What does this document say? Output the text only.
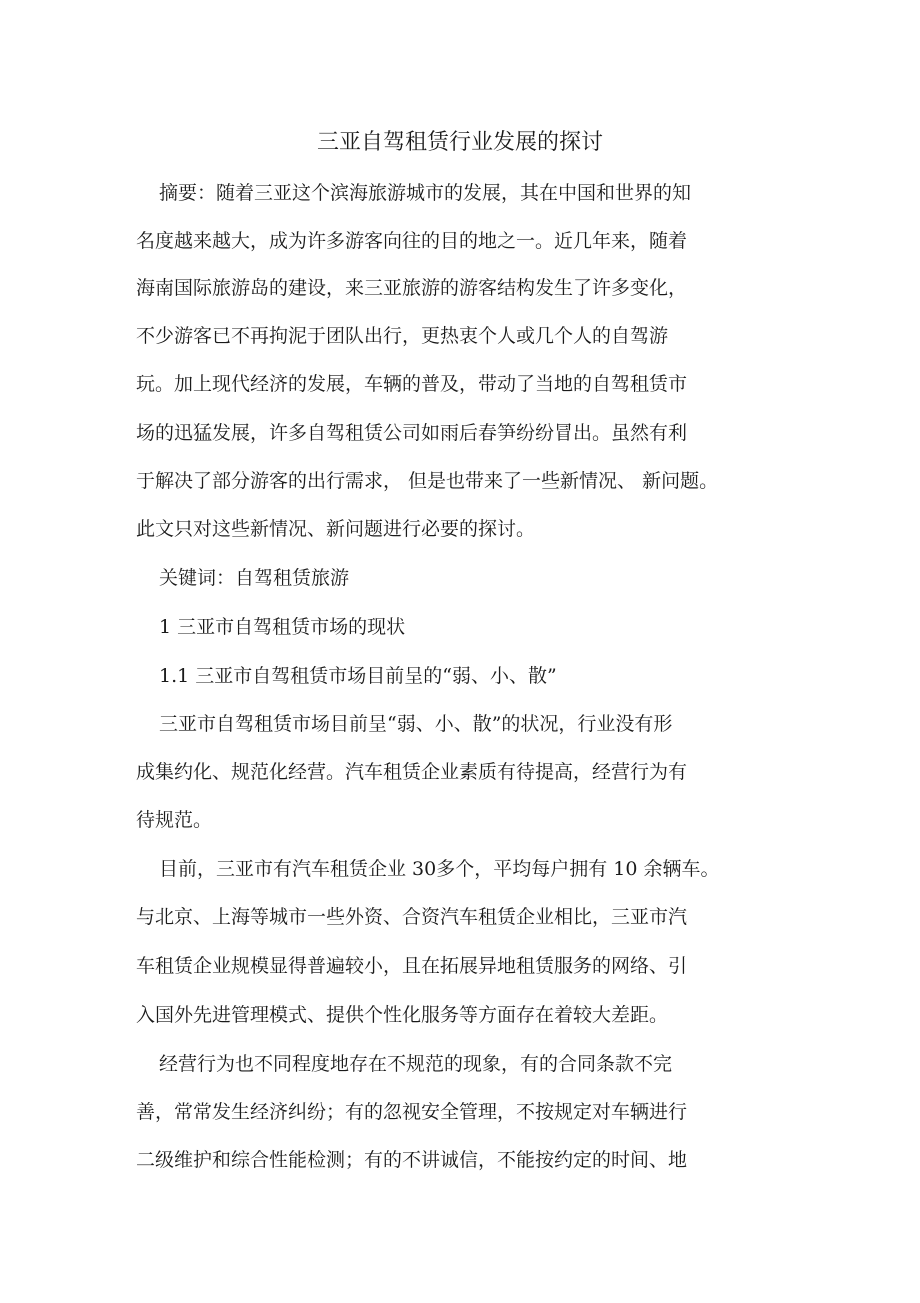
三亚自驾租赁行业发展的探讨
摘要：随着三亚这个滨海旅游城市的发展，其在中国和世界的知
名度越来越大，成为许多游客向往的目的地之一。近几年来，随着
海南国际旅游岛的建设，来三亚旅游的游客结构发生了许多变化，
不少游客已不再拘泥于团队出行，更热衷个人或几个人的自驾游
玩。加上现代经济的发展，车辆的普及，带动了当地的自驾租赁市
场的迅猛发展，许多自驾租赁公司如雨后春笋纷纷冒出。虽然有利
于解决了部分游客的出行需求， 但是也带来了一些新情况、 新问题。
此文只对这些新情况、新问题进行必要的探讨。
关键词：自驾租赁旅游
1 三亚市自驾租赁市场的现状
1.1 三亚市自驾租赁市场目前呈的“弱、小、散”
三亚市自驾租赁市场目前呈“弱、小、散”的状况，行业没有形
成集约化、规范化经营。汽车租赁企业素质有待提高，经营行为有
待规范。
目前，三亚市有汽车租赁企业 30多个，平均每户拥有 10 余辆车。
与北京、上海等城市一些外资、合资汽车租赁企业相比，三亚市汽
车租赁企业规模显得普遍较小，且在拓展异地租赁服务的网络、引
入国外先进管理模式、提供个性化服务等方面存在着较大差距。
经营行为也不同程度地存在不规范的现象，有的合同条款不完
善，常常发生经济纠纷；有的忽视安全管理，不按规定对车辆进行
二级维护和综合性能检测；有的不讲诚信，不能按约定的时间、地
